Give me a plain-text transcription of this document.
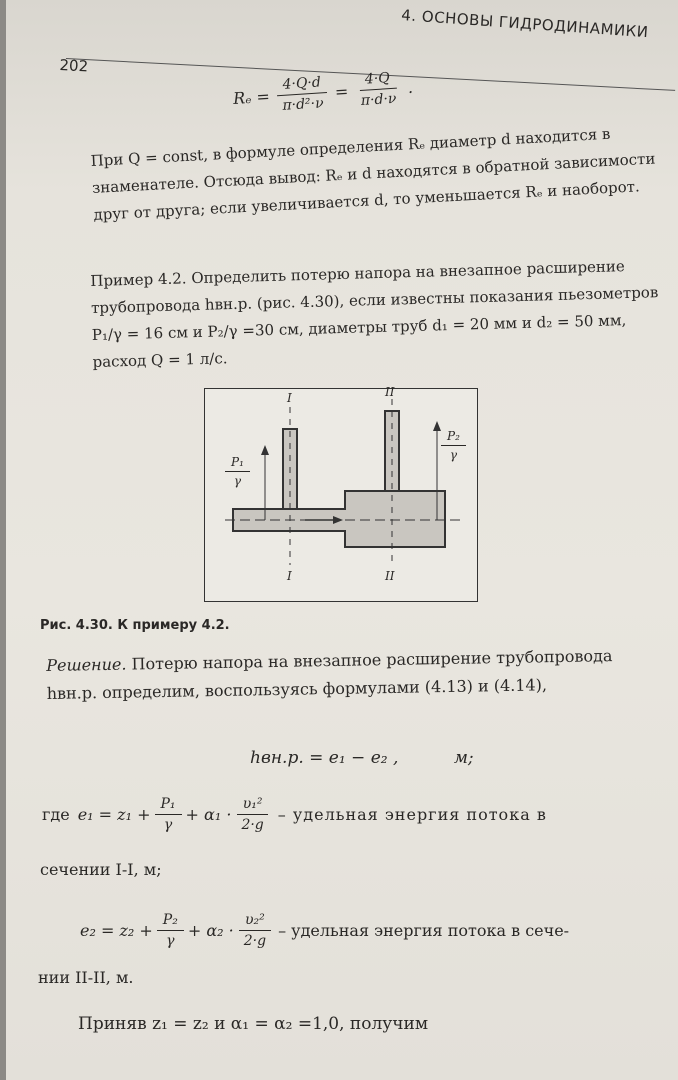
4. ОСНОВЫ ГИДРОДИНАМИКИ
202
$R_e = \frac{4\cdot Q\cdot d}{\text{π·d²·ν}} = \frac{4\cdot Q}{\pi\cdot d\cdot\nu}$ .
При Q = const, в формуле определения Rₑ диаметр d находится в знаменателе. Отсюда вывод: Rₑ и d находятся в обратной зависимости друг от друга; если увеличивается d, то уменьшается Rₑ и наоборот.
Пример 4.2. Определить потерю напора на внезапное расширение трубопровода hвн.р. (рис. 4.30), если известны показания пьезометров P₁/γ = 16 см и P₂/γ =30 см, диаметры труб d₁ = 20 мм и d₂ = 50 мм, расход Q = 1 л/с.
I	II
I	II
$\frac{\text{P₁}}{\gamma}$
$\frac{\text{P₂}}{\gamma}$
Рис. 4.30. К примеру 4.2.
Решение. Потерю напора на внезапное расширение трубопровода hвн.р. определим, воспользуясь формулами (4.13) и (4.14),
hвн.р. = e₁ − e₂ ,	м;
где $e_1 = z_1 + \frac{\text{P₁}}{\gamma} + \alpha_1 \cdot \frac{\text{υ₁²}}{2\cdot g}$ – удельная энергия потока в
сечении I-I, м;
$e_2 = z_2 + \frac{\text{P₂}}{\gamma} + \alpha_2 \cdot \frac{\text{υ₂²}}{2\cdot g}$ – удельная энергия потока в сече-
нии II-II, м.
Приняв z₁ = z₂ и α₁ = α₂ =1,0, получим
